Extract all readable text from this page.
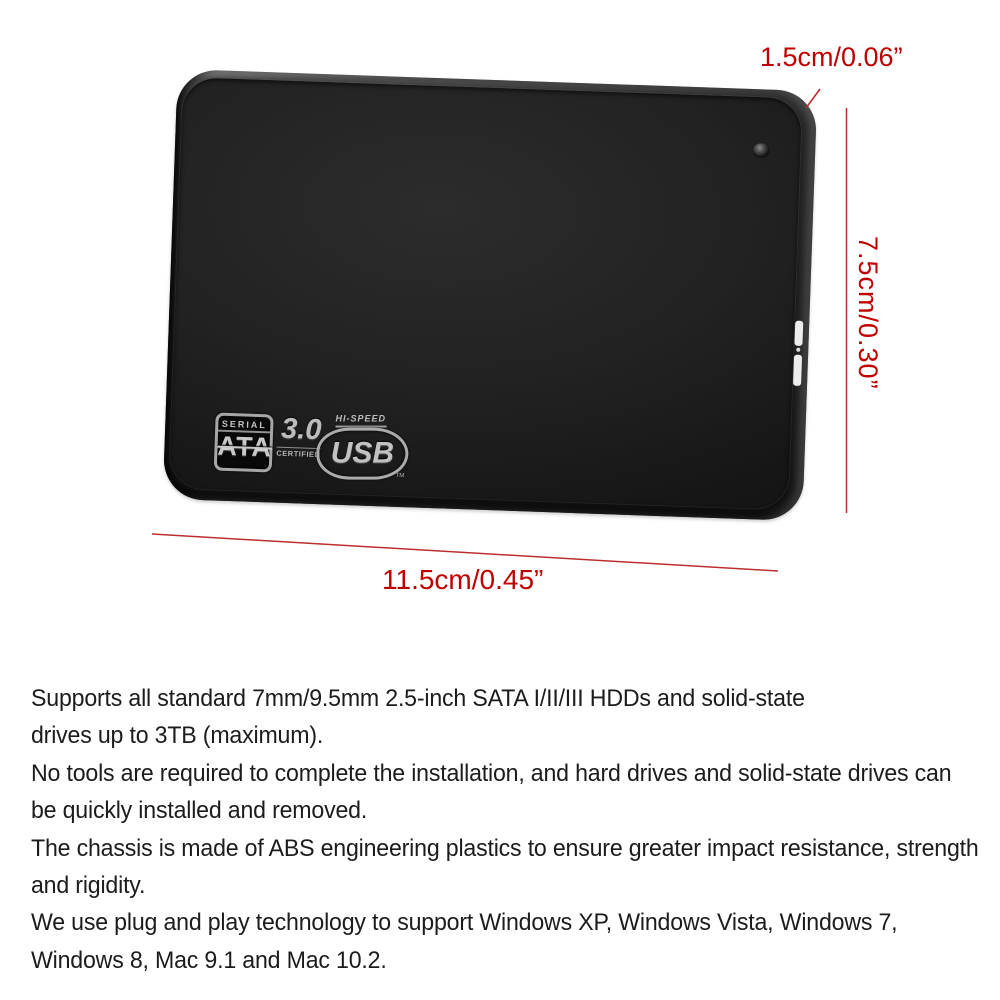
SERIAL
ATA
3.0
CERTIFIED
HI-SPEED
USB
TM
1.5cm/0.06”
7.5cm/0.30”
11.5cm/0.45”
Supports all standard 7mm/9.5mm 2.5-inch SATA I/II/III HDDs and solid-state
drives up to 3TB (maximum).
No tools are required to complete the installation, and hard drives and solid-state drives can
be quickly installed and removed.
The chassis is made of ABS engineering plastics to ensure greater impact resistance, strength
and rigidity.
We use plug and play technology to support Windows XP, Windows Vista, Windows 7,
Windows 8, Mac 9.1 and Mac 10.2.
